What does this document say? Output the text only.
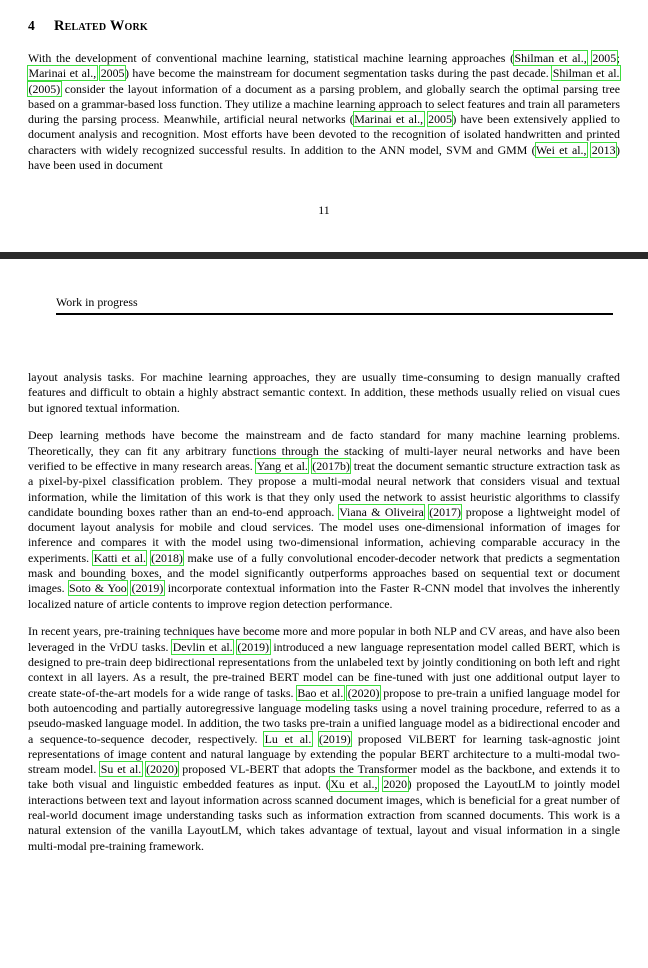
4	Related Work

With the development of conventional machine learning, statistical machine learning approaches (Shilman et al., 2005; Marinai et al., 2005) have become the mainstream for document segmentation tasks during the past decade. Shilman et al. (2005) consider the layout information of a document as a parsing problem, and globally search the optimal parsing tree based on a grammar-based loss function. They utilize a machine learning approach to select features and train all parameters during the parsing process. Meanwhile, artificial neural networks (Marinai et al., 2005) have been extensively applied to document analysis and recognition. Most efforts have been devoted to the recognition of isolated handwritten and printed characters with widely recognized successful results. In addition to the ANN model, SVM and GMM (Wei et al., 2013) have been used in document

11
Work in progress

layout analysis tasks. For machine learning approaches, they are usually time-consuming to design manually crafted features and difficult to obtain a highly abstract semantic context. In addition, these methods usually relied on visual cues but ignored textual information.

Deep learning methods have become the mainstream and de facto standard for many machine learning problems. Theoretically, they can fit any arbitrary functions through the stacking of multi-layer neural networks and have been verified to be effective in many research areas. Yang et al. (2017b) treat the document semantic structure extraction task as a pixel-by-pixel classification problem. They propose a multi-modal neural network that considers visual and textual information, while the limitation of this work is that they only used the network to assist heuristic algorithms to classify candidate bounding boxes rather than an end-to-end approach. Viana & Oliveira (2017) propose a lightweight model of document layout analysis for mobile and cloud services. The model uses one-dimensional information of images for inference and compares it with the model using two-dimensional information, achieving comparable accuracy in the experiments. Katti et al. (2018) make use of a fully convolutional encoder-decoder network that predicts a segmentation mask and bounding boxes, and the model significantly outperforms approaches based on sequential text or document images. Soto & Yoo (2019) incorporate contextual information into the Faster R-CNN model that involves the inherently localized nature of article contents to improve region detection performance.

In recent years, pre-training techniques have become more and more popular in both NLP and CV areas, and have also been leveraged in the VrDU tasks. Devlin et al. (2019) introduced a new language representation model called BERT, which is designed to pre-train deep bidirectional representations from the unlabeled text by jointly conditioning on both left and right context in all layers. As a result, the pre-trained BERT model can be fine-tuned with just one additional output layer to create state-of-the-art models for a wide range of tasks. Bao et al. (2020) propose to pre-train a unified language model for both autoencoding and partially autoregressive language modeling tasks using a novel training procedure, referred to as a pseudo-masked language model. In addition, the two tasks pre-train a unified language model as a bidirectional encoder and a sequence-to-sequence decoder, respectively. Lu et al. (2019) proposed ViLBERT for learning task-agnostic joint representations of image content and natural language by extending the popular BERT architecture to a multi-modal two-stream model. Su et al. (2020) proposed VL-BERT that adopts the Transformer model as the backbone, and extends it to take both visual and linguistic embedded features as input. (Xu et al., 2020) proposed the LayoutLM to jointly model interactions between text and layout information across scanned document images, which is beneficial for a great number of real-world document image understanding tasks such as information extraction from scanned documents. This work is a natural extension of the vanilla LayoutLM, which takes advantage of textual, layout and visual information in a single multi-modal pre-training framework.
